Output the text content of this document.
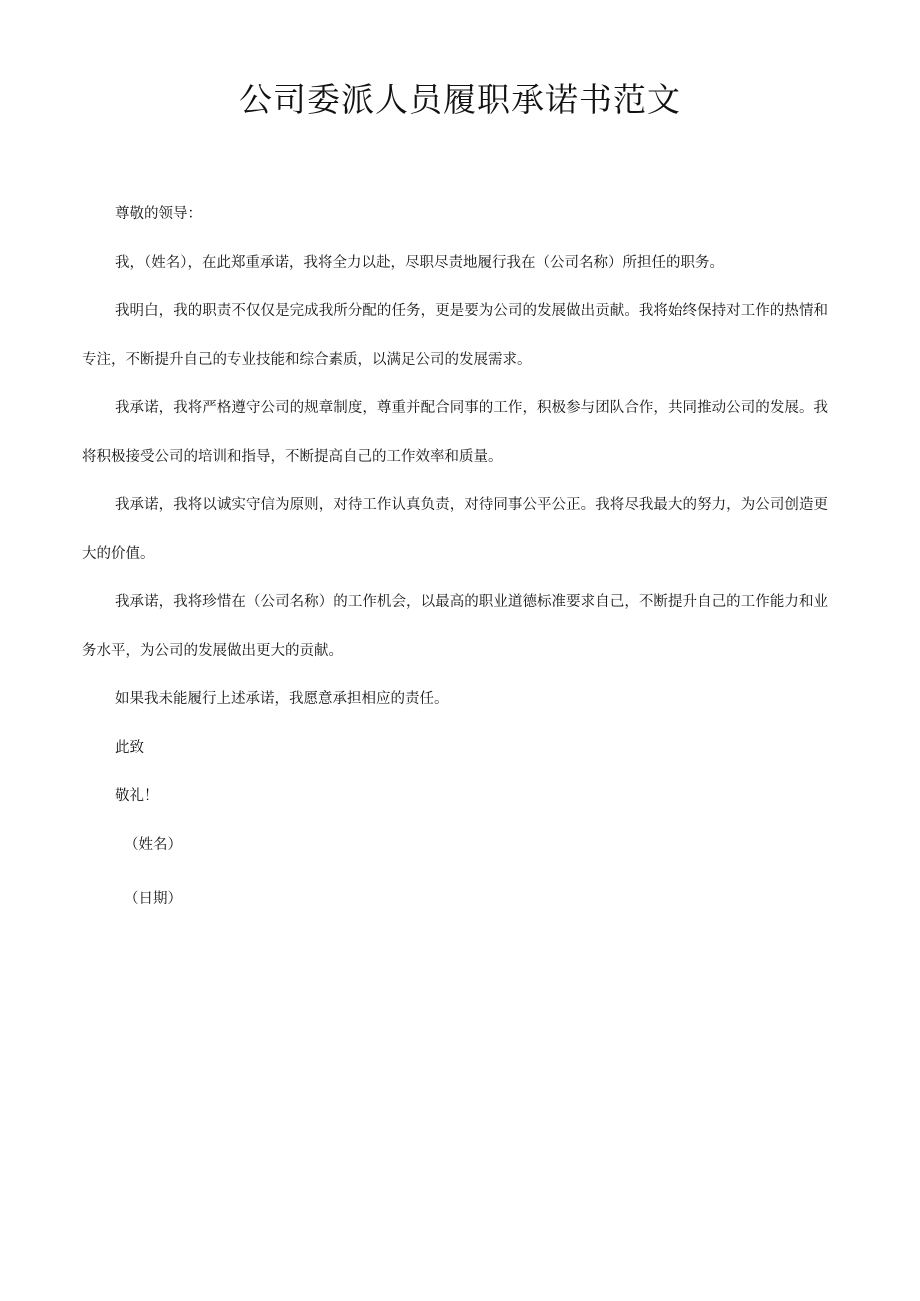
公司委派人员履职承诺书范文

尊敬的领导：

我，（姓名），在此郑重承诺，我将全力以赴，尽职尽责地履行我在（公司名称）所担任的职务。

我明白，我的职责不仅仅是完成我所分配的任务，更是要为公司的发展做出贡献。我将始终保持对工作的热情和专注，不断提升自己的专业技能和综合素质，以满足公司的发展需求。

我承诺，我将严格遵守公司的规章制度，尊重并配合同事的工作，积极参与团队合作，共同推动公司的发展。我将积极接受公司的培训和指导，不断提高自己的工作效率和质量。

我承诺，我将以诚实守信为原则，对待工作认真负责，对待同事公平公正。我将尽我最大的努力，为公司创造更大的价值。

我承诺，我将珍惜在（公司名称）的工作机会，以最高的职业道德标准要求自己，不断提升自己的工作能力和业务水平，为公司的发展做出更大的贡献。

如果我未能履行上述承诺，我愿意承担相应的责任。

此致

敬礼！

（姓名）

（日期）
